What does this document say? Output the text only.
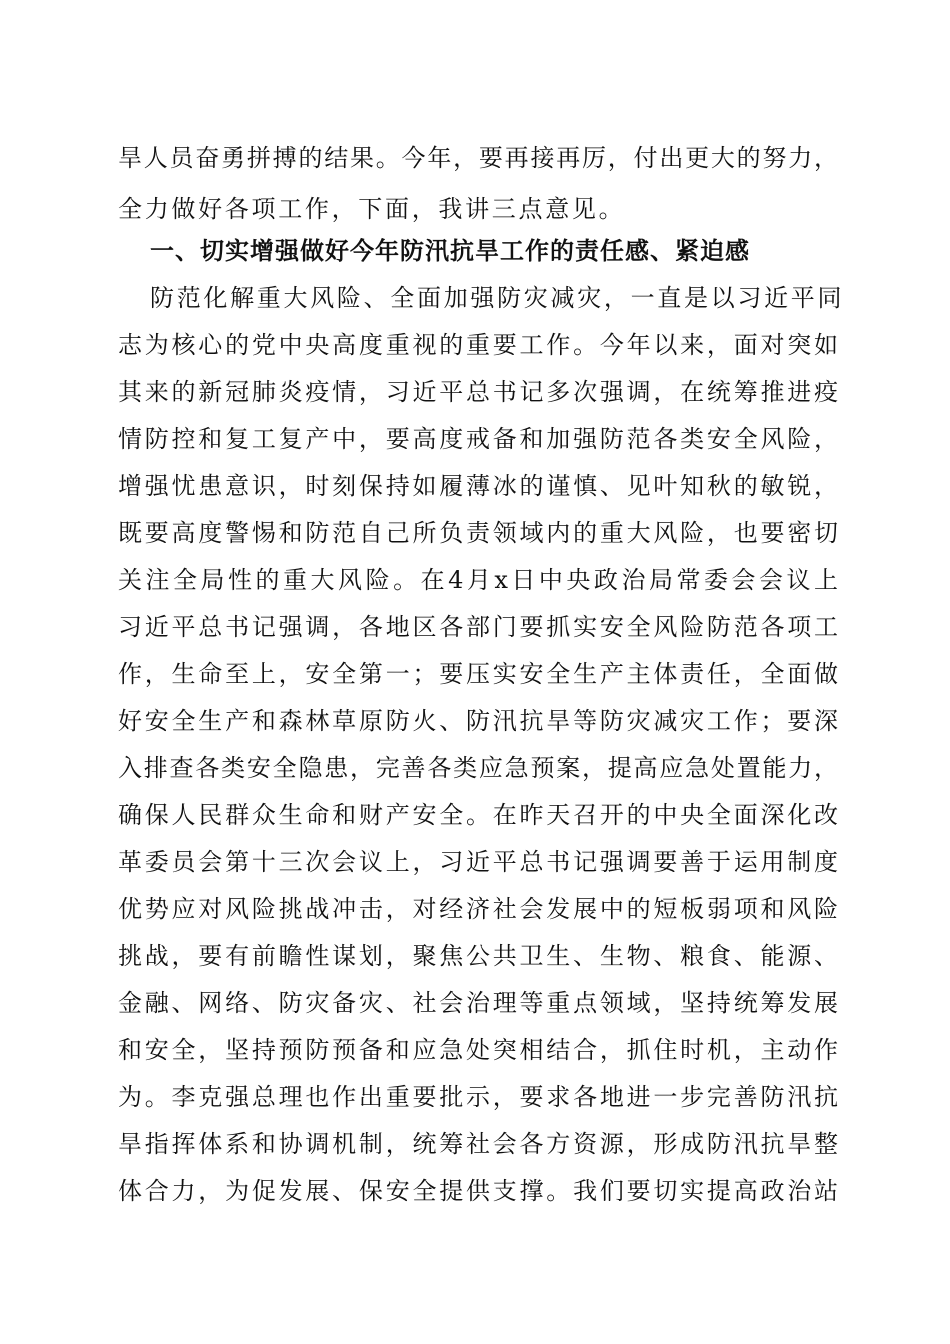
旱人员奋勇拼搏的结果。今年，要再接再厉，付出更大的努力，
全力做好各项工作，下面，我讲三点意见。
一、切实增强做好今年防汛抗旱工作的责任感、紧迫感
防范化解重大风险、全面加强防灾减灾，一直是以习近平同
志为核心的党中央高度重视的重要工作。今年以来，面对突如
其来的新冠肺炎疫情，习近平总书记多次强调，在统筹推进疫
情防控和复工复产中，要高度戒备和加强防范各类安全风险，
增强忧患意识，时刻保持如履薄冰的谨慎、见叶知秋的敏锐，
既要高度警惕和防范自己所负责领域内的重大风险，也要密切
关注全局性的重大风险。在4月x日中央政治局常委会会议上
习近平总书记强调，各地区各部门要抓实安全风险防范各项工
作，生命至上，安全第一；要压实安全生产主体责任，全面做
好安全生产和森林草原防火、防汛抗旱等防灾减灾工作；要深
入排查各类安全隐患，完善各类应急预案，提高应急处置能力，
确保人民群众生命和财产安全。在昨天召开的中央全面深化改
革委员会第十三次会议上，习近平总书记强调要善于运用制度
优势应对风险挑战冲击，对经济社会发展中的短板弱项和风险
挑战，要有前瞻性谋划，聚焦公共卫生、生物、粮食、能源、
金融、网络、防灾备灾、社会治理等重点领域，坚持统筹发展
和安全，坚持预防预备和应急处突相结合，抓住时机，主动作
为。李克强总理也作出重要批示，要求各地进一步完善防汛抗
旱指挥体系和协调机制，统筹社会各方资源，形成防汛抗旱整
体合力，为促发展、保安全提供支撑。我们要切实提高政治站
